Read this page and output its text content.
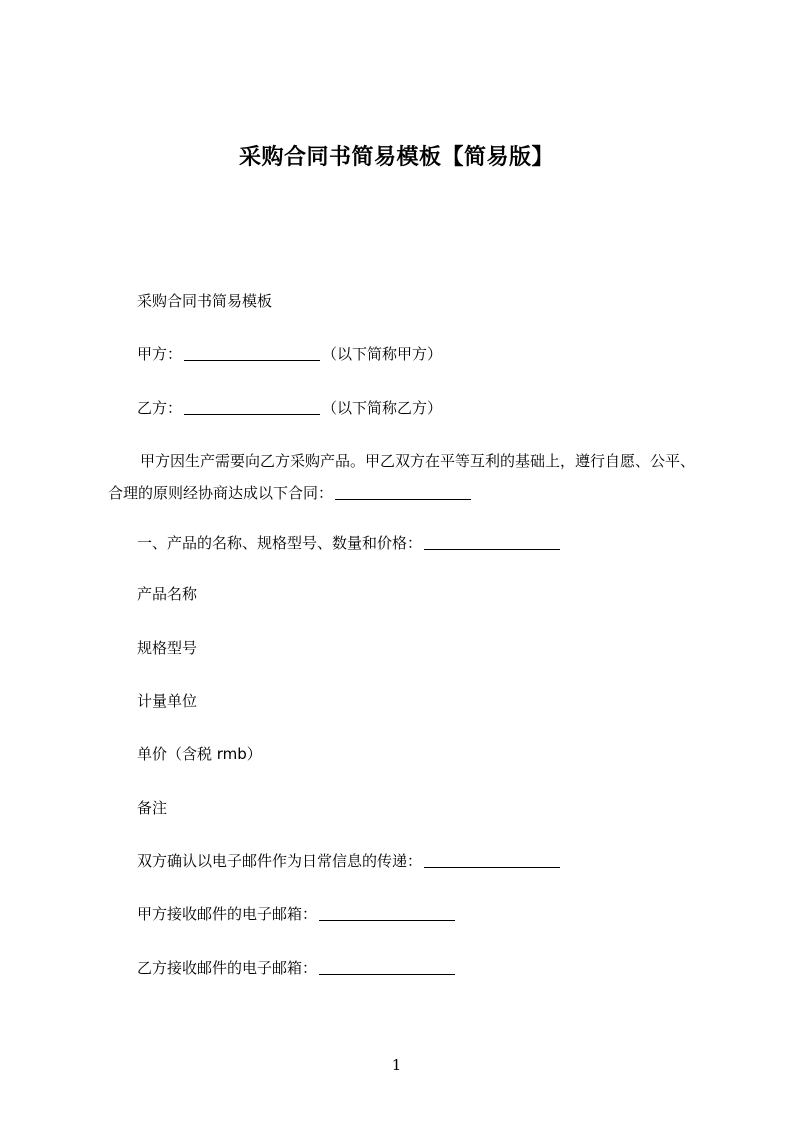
采购合同书简易模板【简易版】
采购合同书简易模板
甲方：	（以下简称甲方）
乙方：	（以下简称乙方）
甲方因生产需要向乙方采购产品。甲乙双方在平等互利的基础上，遵行自愿、公平、合理的原则经协商达成以下合同：
一、产品的名称、规格型号、数量和价格：
产品名称
规格型号
计量单位
单价（含税 rmb）
备注
双方确认以电子邮件作为日常信息的传递：
甲方接收邮件的电子邮箱：
乙方接收邮件的电子邮箱：
1
